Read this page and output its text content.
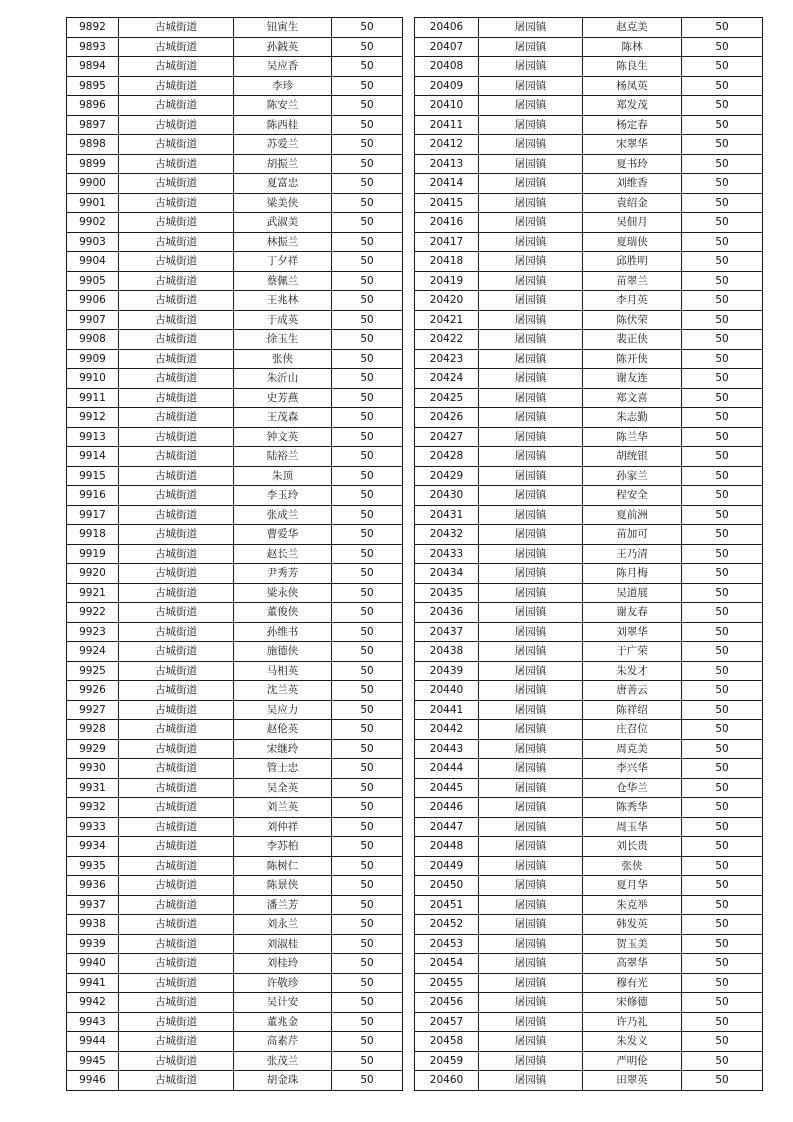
9892	古城街道	钮寅生	50
9893	古城街道	孙銊英	50
9894	古城街道	吴应香	50
9895	古城街道	李珍	50
9896	古城街道	陈安兰	50
9897	古城街道	陈西桂	50
9898	古城街道	苏爱兰	50
9899	古城街道	胡振兰	50
9900	古城街道	夏富忠	50
9901	古城街道	梁美侠	50
9902	古城街道	武淑美	50
9903	古城街道	林振兰	50
9904	古城街道	丁夕祥	50
9905	古城街道	蔡佩兰	50
9906	古城街道	王兆林	50
9907	古城街道	于成英	50
9908	古城街道	徐玉生	50
9909	古城街道	张侠	50
9910	古城街道	朱沂山	50
9911	古城街道	史芳燕	50
9912	古城街道	王茂森	50
9913	古城街道	钟文英	50
9914	古城街道	陆裕兰	50
9915	古城街道	朱顶	50
9916	古城街道	李玉玲	50
9917	古城街道	张成兰	50
9918	古城街道	曹爱华	50
9919	古城街道	赵长兰	50
9920	古城街道	尹秀芳	50
9921	古城街道	梁永侠	50
9922	古城街道	董俊侠	50
9923	古城街道	孙维书	50
9924	古城街道	施德侠	50
9925	古城街道	马相英	50
9926	古城街道	沈兰英	50
9927	古城街道	吴应力	50
9928	古城街道	赵伦英	50
9929	古城街道	宋继玲	50
9930	古城街道	管士忠	50
9931	古城街道	吴全英	50
9932	古城街道	刘兰英	50
9933	古城街道	刘仲祥	50
9934	古城街道	李苏柏	50
9935	古城街道	陈树仁	50
9936	古城街道	陈景侠	50
9937	古城街道	潘兰芳	50
9938	古城街道	刘永兰	50
9939	古城街道	刘淑桂	50
9940	古城街道	刘桂玲	50
9941	古城街道	许敬珍	50
9942	古城街道	吴计安	50
9943	古城街道	董兆金	50
9944	古城街道	高素芹	50
9945	古城街道	张茂兰	50
9946	古城街道	胡金珠	50
20406	屠园镇	赵克美	50
20407	屠园镇	陈林	50
20408	屠园镇	陈良生	50
20409	屠园镇	杨凤英	50
20410	屠园镇	郑发茂	50
20411	屠园镇	杨定春	50
20412	屠园镇	宋翠华	50
20413	屠园镇	夏书玲	50
20414	屠园镇	刘维香	50
20415	屠园镇	袁绍金	50
20416	屠园镇	吴佃月	50
20417	屠园镇	夏瑞侠	50
20418	屠园镇	邱胜明	50
20419	屠园镇	苗翠兰	50
20420	屠园镇	李月英	50
20421	屠园镇	陈伏荣	50
20422	屠园镇	裴正侠	50
20423	屠园镇	陈开侠	50
20424	屠园镇	谢友连	50
20425	屠园镇	郑文喜	50
20426	屠园镇	朱志勤	50
20427	屠园镇	陈兰华	50
20428	屠园镇	胡统银	50
20429	屠园镇	孙家兰	50
20430	屠园镇	程安全	50
20431	屠园镇	夏前洲	50
20432	屠园镇	苗加可	50
20433	屠园镇	王乃清	50
20434	屠园镇	陈月梅	50
20435	屠园镇	吴道展	50
20436	屠园镇	谢友春	50
20437	屠园镇	刘翠华	50
20438	屠园镇	于广荣	50
20439	屠园镇	朱发才	50
20440	屠园镇	唐善云	50
20441	屠园镇	陈祥绍	50
20442	屠园镇	庄召位	50
20443	屠园镇	周克美	50
20444	屠园镇	李兴华	50
20445	屠园镇	仓华兰	50
20446	屠园镇	陈秀华	50
20447	屠园镇	周玉华	50
20448	屠园镇	刘长贵	50
20449	屠园镇	张侠	50
20450	屠园镇	夏月华	50
20451	屠园镇	朱克举	50
20452	屠园镇	韩发英	50
20453	屠园镇	贺玉美	50
20454	屠园镇	高翠华	50
20455	屠园镇	穆有光	50
20456	屠园镇	宋修德	50
20457	屠园镇	许乃礼	50
20458	屠园镇	朱发义	50
20459	屠园镇	严明伦	50
20460	屠园镇	田翠英	50
